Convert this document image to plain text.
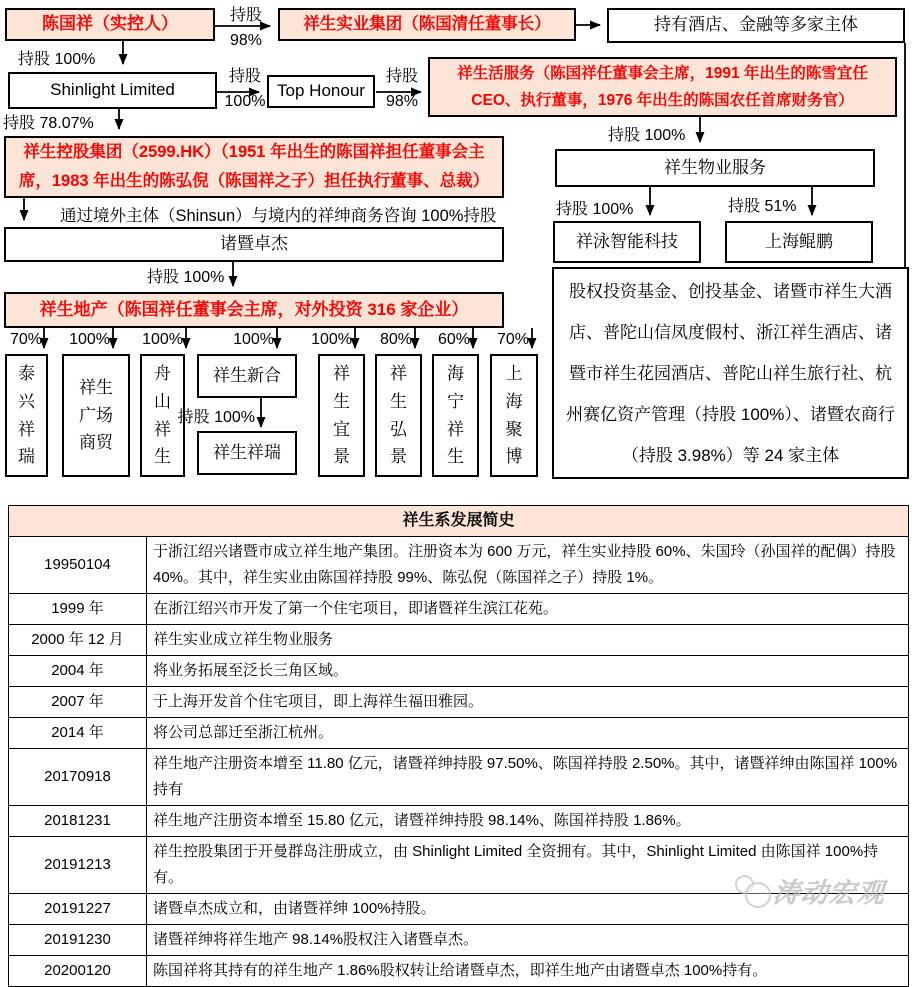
陈国祥（实控人）	持股
98%
祥生实业集团（陈国清任董事长）	持有酒店、金融等多家主体
持股 100%
Shinlight Limited
持股
100%
Top Honour
持股
98%
祥生活服务（陈国祥任董事会主席，1991 年出生的陈雪宜任 CEO、执行董事，1976 年出生的陈国农任首席财务官）
持股 78.07%
祥生控股集团（2599.HK）（1951 年出生的陈国祥担任董事会主席，1983 年出生的陈弘倪（陈国祥之子）担任执行董事、总裁）
通过境外主体（Shinsun）与境内的祥绅商务咨询 100%持股
诸暨卓杰
持股 100%
祥生地产（陈国祥任董事会主席，对外投资 316 家企业）
持股 100%
祥生物业服务
持股 100%	持股 51%
祥泳智能科技	上海鲲鹏
股权投资基金、创投基金、诸暨市祥生大酒店、普陀山信凤度假村、浙江祥生酒店、诸暨市祥生花园酒店、普陀山祥生旅行社、杭州赛亿资产管理（持股 100%）、诸暨农商行（持股 3.98%）等 24 家主体
70%	100%	100%	100%	100%	80%	60%	70%
泰兴祥瑞
祥生广场商贸
舟山祥生
祥生新合
持股 100%
祥生祥瑞
祥生宜景
祥生弘景
海宁祥生
上海聚博
祥生系发展简史	
19950104	于浙江绍兴诸暨市成立祥生地产集团。注册资本为 600 万元，祥生实业持股 60%、朱国玲（孙国祥的配偶）持股 40%。其中，祥生实业由陈国祥持股 99%、陈弘倪（陈国祥之子）持股 1%。
1999 年	在浙江绍兴市开发了第一个住宅项目，即诸暨祥生滨江花苑。
2000 年 12 月	祥生实业成立祥生物业服务
2004 年	将业务拓展至泛长三角区域。
2007 年	于上海开发首个住宅项目，即上海祥生福田雅园。
2014 年	将公司总部迁至浙江杭州。
20170918	祥生地产注册资本增至 11.80 亿元，诸暨祥绅持股 97.50%、陈国祥持股 2.50%。其中，诸暨祥绅由陈国祥 100%持有
20181231	祥生地产注册资本增至 15.80 亿元，诸暨祥绅持股 98.14%、陈国祥持股 1.86%。
20191213	祥生控股集团于开曼群岛注册成立，由 Shinlight Limited 全资拥有。其中，Shinlight Limited 由陈国祥 100%持有。
20191227	诸暨卓杰成立和，由诸暨祥绅 100%持股。
20191230	诸暨祥绅将祥生地产 98.14%股权注入诸暨卓杰。
20200120	陈国祥将其持有的祥生地产 1.86%股权转让给诸暨卓杰，即祥生地产由诸暨卓杰 100%持有。
涛动宏观
